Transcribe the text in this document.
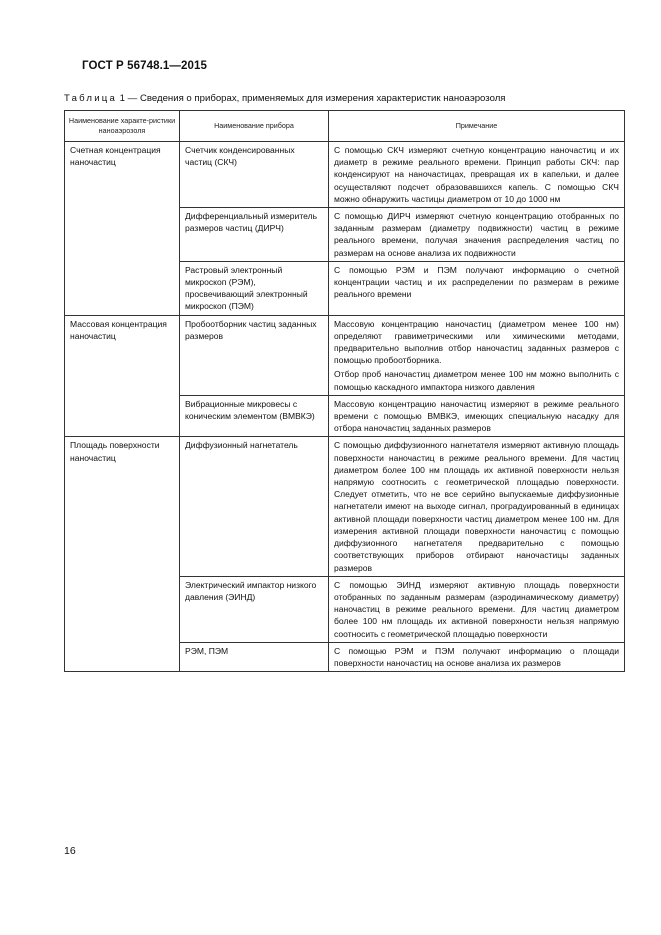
ГОСТ Р 56748.1—2015
Таблица 1 — Сведения о приборах, применяемых для измерения характеристик наноаэрозоля
Наименование характе-ристики наноаэрозоля	Наименование прибора	Примечание
Счетная концентрация наночастиц	Счетчик конденсированных частиц (СКЧ)	С помощью СКЧ измеряют счетную концентрацию наночастиц и их диаметр в режиме реального времени. Принцип работы СКЧ: пар конденсируют на наночастицах, превращая их в капельки, и далее осуществляют подсчет образовавшихся капель. С помощью СКЧ можно обнаружить частицы диаметром от 10 до 1000 нм

	Дифференциальный измеритель размеров частиц (ДИРЧ)	С помощью ДИРЧ измеряют счетную концентрацию отобранных по заданным размерам (диаметру подвижности) частиц в режиме реального времени, получая значения распределения частиц по размерам на основе анализа их подвижности

	Растровый электронный микроскоп (РЭМ), просвечивающий электронный микроскоп (ПЭМ)	С помощью РЭМ и ПЭМ получают информацию о счетной концентрации частиц и их распределении по размерам в режиме реального времени

Массовая концентрация наночастиц	Пробоотборник частиц заданных размеров	Массовую концентрацию наночастиц (диаметром менее 100 нм) определяют гравиметрическими или химическими методами, предварительно выполнив отбор наночастиц заданных размеров с помощью пробоотборника.

Отбор проб наночастиц диаметром менее 100 нм можно выполнить с помощью каскадного импактора низкого давления

	Вибрационные микровесы с коническим элементом (ВМВКЭ)	Массовую концентрацию наночастиц измеряют в режиме реального времени с помощью ВМВКЭ, имеющих специальную насадку для отбора наночастиц заданных размеров

Площадь поверхности наночастиц	Диффузионный нагнетатель	С помощью диффузионного нагнетателя измеряют активную площадь поверхности наночастиц в режиме реального времени. Для частиц диаметром более 100 нм площадь их активной поверхности нельзя напрямую соотносить с геометрической площадью поверхности. Следует отметить, что не все серийно выпускаемые диффузионные нагнетатели имеют на выходе сигнал, проградуированный в единицах активной площади поверхности частиц диаметром менее 100 нм. Для измерения активной площади поверхности наночастиц с помощью диффузионного нагнетателя предварительно с помощью соответствующих приборов отбирают наночастицы заданных размеров

	Электрический импактор низкого давления (ЭИНД)	С помощью ЭИНД измеряют активную площадь поверхности отобранных по заданным размерам (аэродинамическому диаметру) наночастиц в режиме реального времени. Для частиц диаметром более 100 нм площадь их активной поверхности нельзя напрямую соотносить с геометрической площадью поверхности

	РЭМ, ПЭМ	С помощью РЭМ и ПЭМ получают информацию о площади поверхности наночастиц на основе анализа их размеров

16
